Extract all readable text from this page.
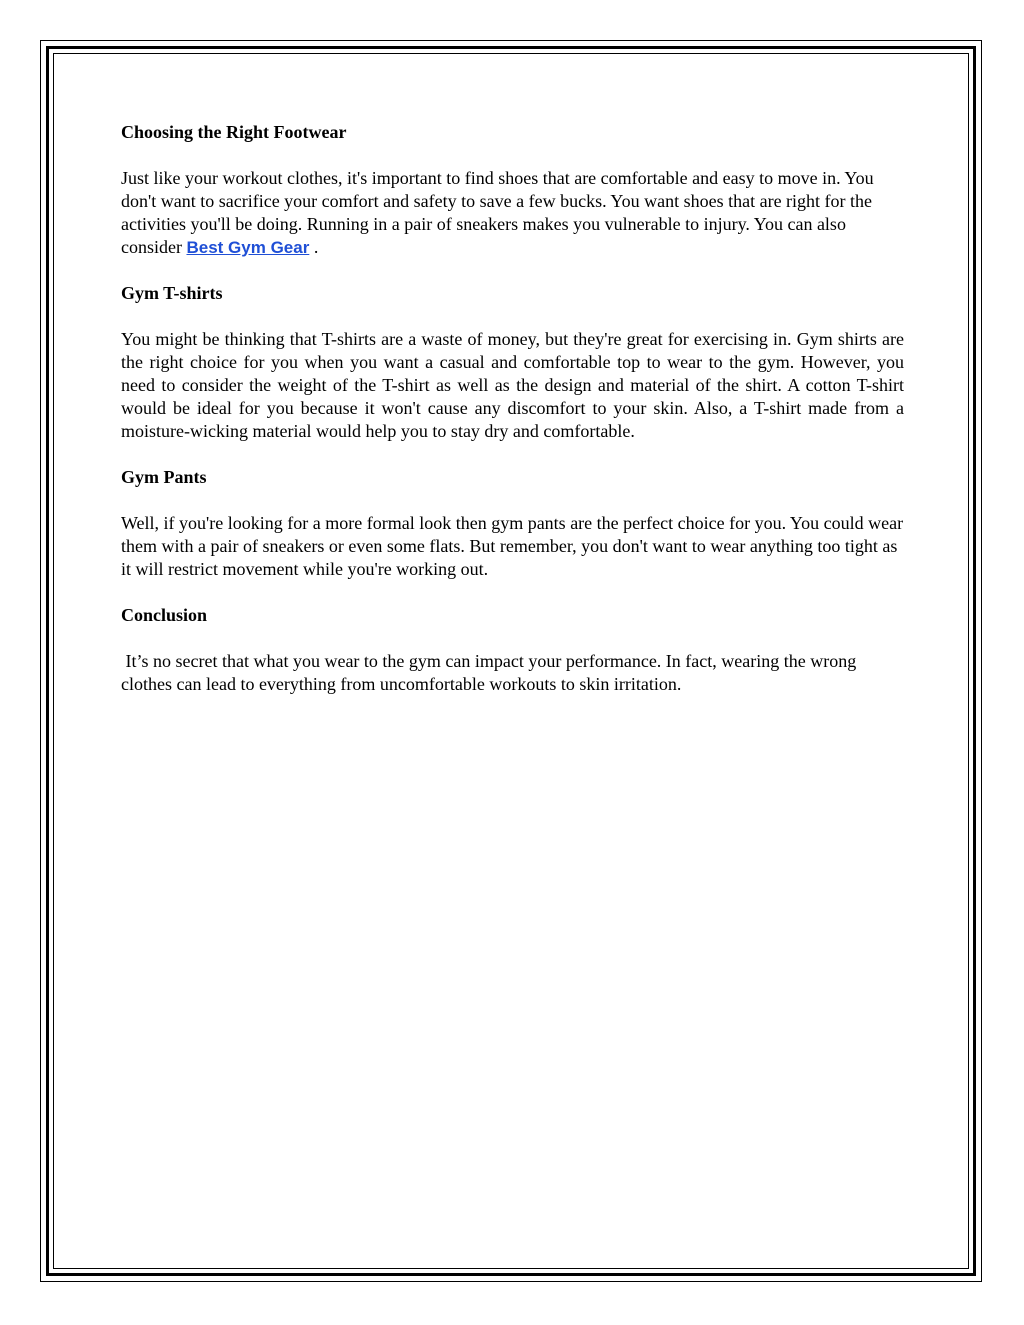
Choosing the Right Footwear
Just like your workout clothes, it's important to find shoes that are comfortable and easy to move in. You don't want to sacrifice your comfort and safety to save a few bucks. You want shoes that are right for the activities you'll be doing. Running in a pair of sneakers makes you vulnerable to injury. You can also consider Best Gym Gear .
Gym T-shirts
You might be thinking that T-shirts are a waste of money, but they're great for exercising in. Gym shirts are the right choice for you when you want a casual and comfortable top to wear to the gym. However, you need to consider the weight of the T-shirt as well as the design and material of the shirt. A cotton T-shirt would be ideal for you because it won't cause any discomfort to your skin. Also, a T-shirt made from a moisture-wicking material would help you to stay dry and comfortable.
Gym Pants
Well, if you're looking for a more formal look then gym pants are the perfect choice for you. You could wear them with a pair of sneakers or even some flats. But remember, you don't want to wear anything too tight as it will restrict movement while you're working out.
Conclusion
It’s no secret that what you wear to the gym can impact your performance. In fact, wearing the wrong clothes can lead to everything from uncomfortable workouts to skin irritation.
